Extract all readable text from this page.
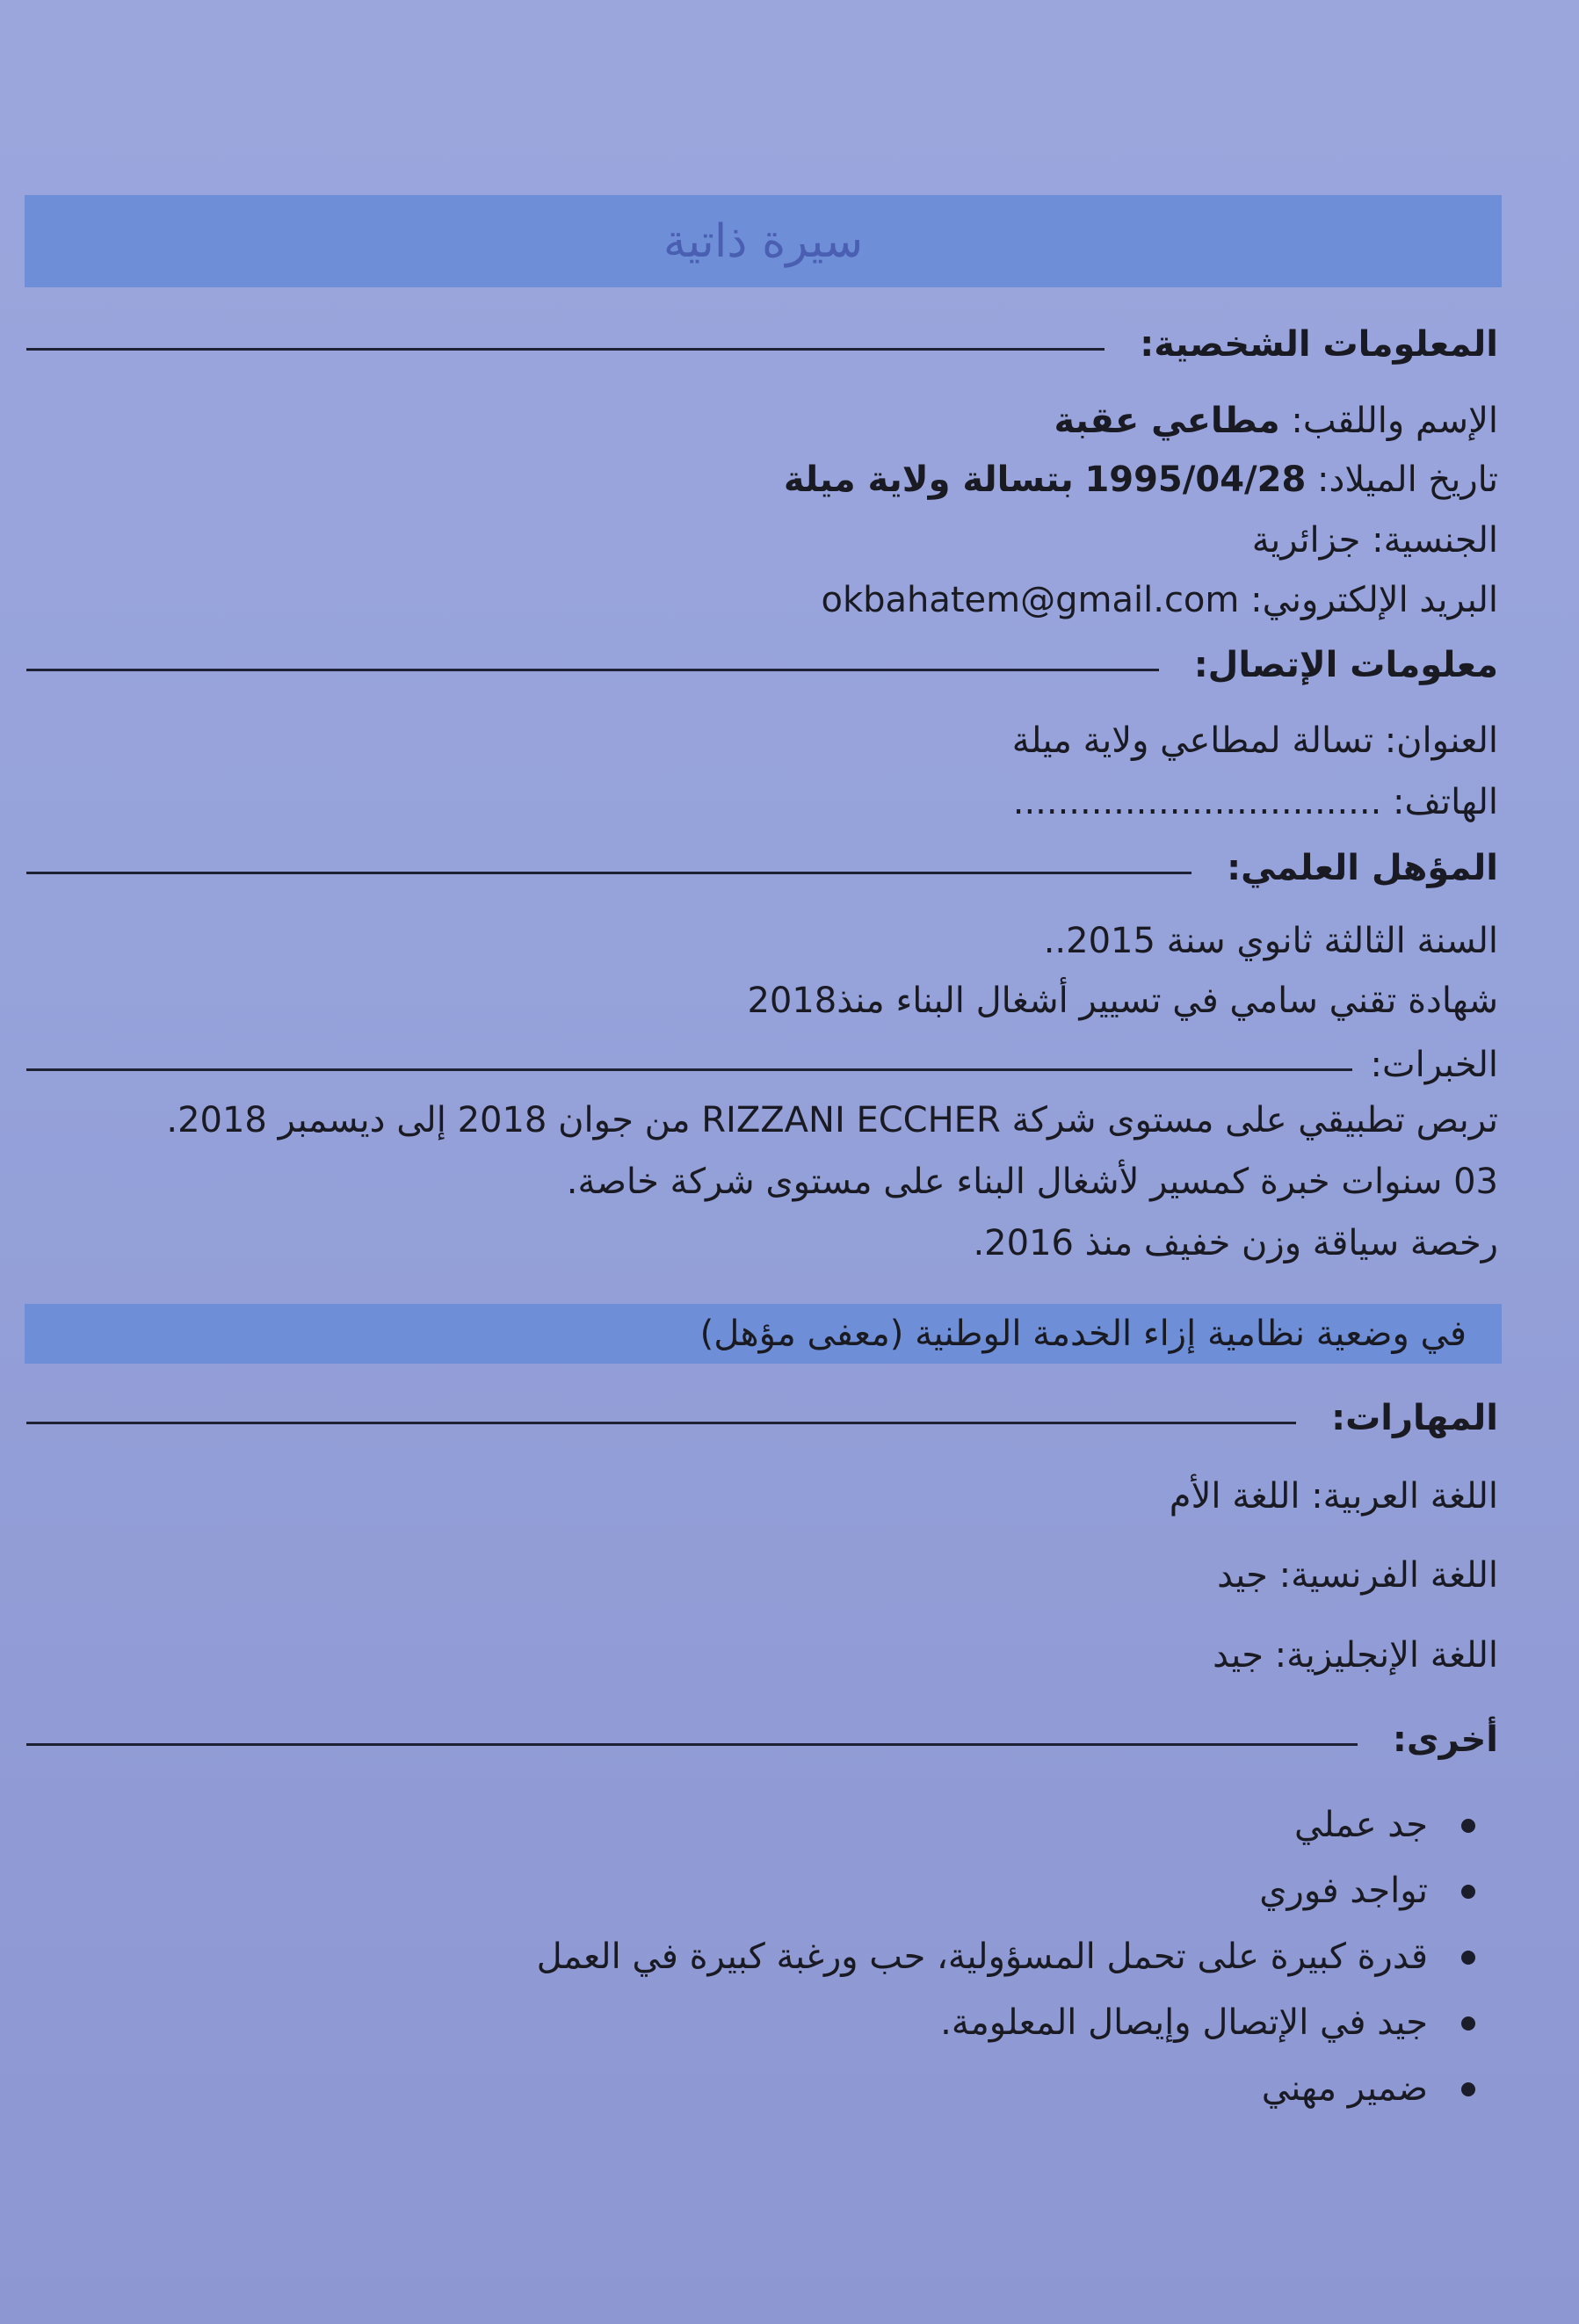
سيرة ذاتية
المعلومات الشخصية:
الإسم واللقب: مطاعي عقبة
تاريخ الميلاد: 1995/04/28 بتسالة ولاية ميلة
الجنسية: جزائرية
البريد الإلكتروني: okbahatem@gmail.com
معلومات الإتصال:
العنوان: تسالة لمطاعي ولاية ميلة
الهاتف: .................................
المؤهل العلمي:
السنة الثالثة ثانوي سنة 2015..
شهادة تقني سامي في تسيير أشغال البناء منذ2018
الخبرات:
تربص تطبيقي على مستوى شركة RIZZANI ECCHER من جوان 2018 إلى ديسمبر 2018.
03 سنوات خبرة كمسير لأشغال البناء على مستوى شركة خاصة.
رخصة سياقة وزن خفيف منذ 2016.
في وضعية نظامية إزاء الخدمة الوطنية (معفى مؤهل)
المهارات:
اللغة العربية: اللغة الأم
اللغة الفرنسية: جيد
اللغة الإنجليزية: جيد
أخرى:
جد عملي
تواجد فوري
قدرة كبيرة على تحمل المسؤولية، حب ورغبة كبيرة في العمل
جيد في الإتصال وإيصال المعلومة.
ضمير مهني
